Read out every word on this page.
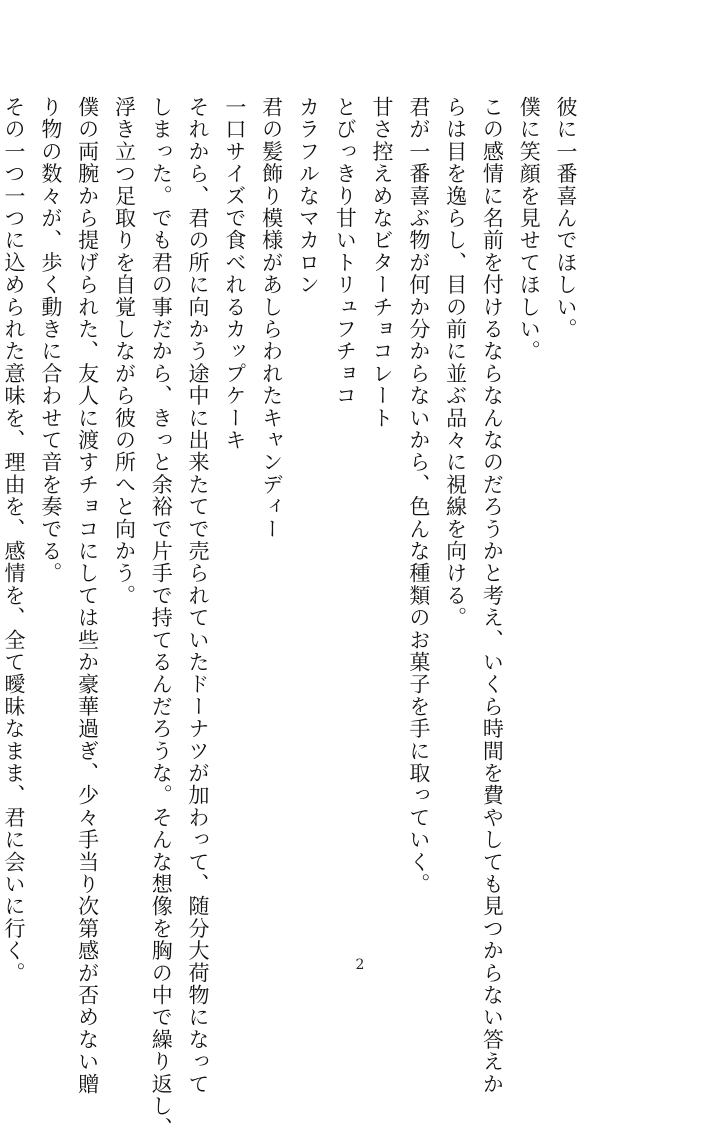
彼に一番喜んでほしい。
僕に笑顔を見せてほしい。
この感情に名前を付けるならなんなのだろうかと考え、いくら時間を費やしても見つからない答えか
らは目を逸らし、目の前に並ぶ品々に視線を向ける。
君が一番喜ぶ物が何か分からないから、色んな種類のお菓子を手に取っていく。
甘さ控えめなビターチョコレート
とびっきり甘いトリュフチョコ
カラフルなマカロン
君の髪飾り模様があしらわれたキャンディー
一口サイズで食べれるカップケーキ
それから、君の所に向かう途中に出来たてで売られていたドーナツが加わって、随分大荷物になって
しまった。でも君の事だから、きっと余裕で片手で持てるんだろうな。そんな想像を胸の中で繰り返し、
浮き立つ足取りを自覚しながら彼の所へと向かう。
僕の両腕から提げられた、友人に渡すチョコにしては些か豪華過ぎ、少々手当り次第感が否めない贈
り物の数々が、歩く動きに合わせて音を奏でる。
その一つ一つに込められた意味を、理由を、感情を、全て曖昧なまま、君に会いに行く。	2
